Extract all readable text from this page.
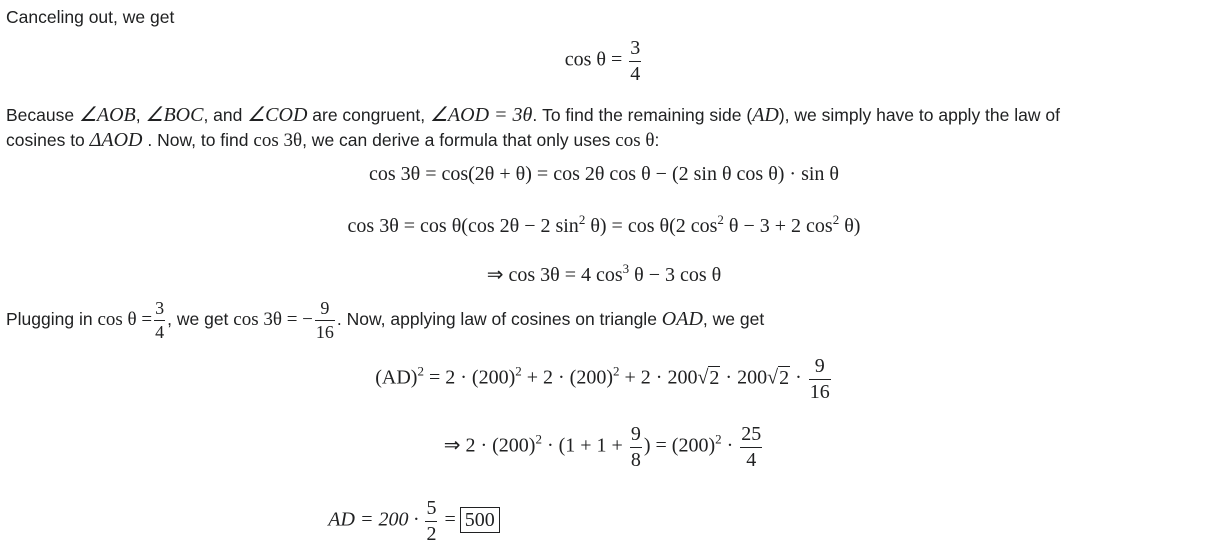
Canceling out, we get
$\cos \theta = \frac{3}{4}$
Because ∠AOB, ∠BOC, and ∠COD are congruent, ∠AOD = 3θ. To find the remaining side (AD), we simply have to apply the law of
cosines to ΔAOD . Now, to find cos 3θ, we can derive a formula that only uses cos θ:
cos 3θ = cos(2θ + θ) = cos 2θ cos θ − (2 sin θ cos θ) · sin θ
cos 3θ = cos θ(cos 2θ − 2 $\sin^2 \theta) = \cos \theta(2$ $\cos^2 \theta - 3 + 2$ $\cos^2 \theta$)
⇒ cos 3θ = 4 $\cos^3 \theta - 3$ cos θ
Plugging in $\cos \theta = \frac{3}{4}$ , we get cos 3θ = − $\frac{9}{16}$ . Now, applying law of cosines on triangle OAD, we get
$(AD)^2 = 2 \cdot (200)^2 + 2 \cdot (200)^2 + 2 \cdot 200√2 \cdot 200√2 \cdot \frac{9}{16}$
⇒ $2 \cdot (200)^2 \cdot (1 + 1 + \frac{9}{8}$ ) = $(200)^2 \cdot \frac{25}{4}$
AD = $200 \cdot \frac{5}{2} = 500$
